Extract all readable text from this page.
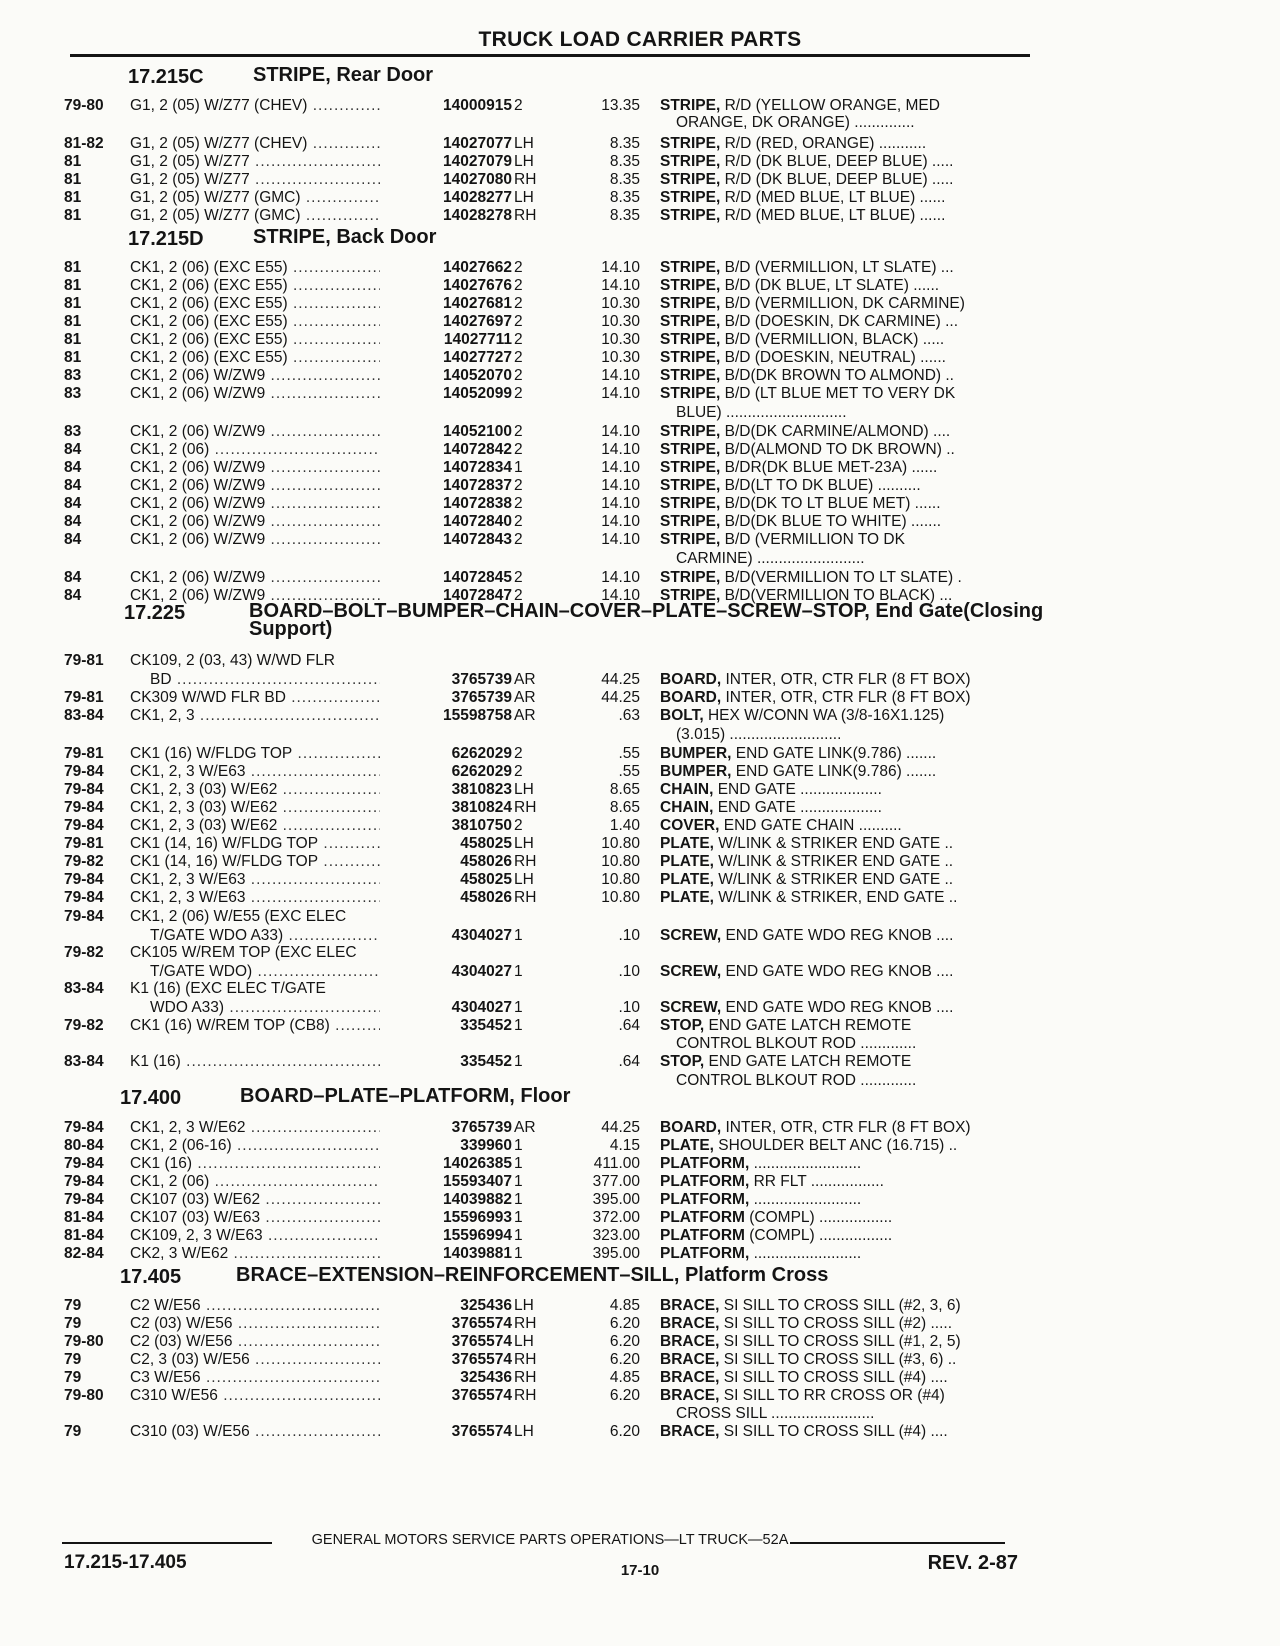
TRUCK LOAD CARRIER PARTS
17.215C STRIPE, Rear Door
79-80	G1, 2 (05) W/Z77 (CHEV) .....	14000915 2	13.35 STRIPE, R/D (YELLOW ORANGE, MED
ORANGE, DK ORANGE) ..............
81-82	G1, 2 (05) W/Z77 (CHEV) .....	14027077 LH	8.35 STRIPE, R/D (RED, ORANGE) ...........
81	G1, 2 (05) W/Z77 .....	14027079 LH	8.35 STRIPE, R/D (DK BLUE, DEEP BLUE) .....
81	G1, 2 (05) W/Z77 .....	14027080 RH	8.35 STRIPE, R/D (DK BLUE, DEEP BLUE) .....
81	G1, 2 (05) W/Z77 (GMC) .....	14028277 LH	8.35 STRIPE, R/D (MED BLUE, LT BLUE) ......
81	G1, 2 (05) W/Z77 (GMC) .....	14028278 RH	8.35 STRIPE, R/D (MED BLUE, LT BLUE) ......
17.215D STRIPE, Back Door
81	CK1, 2 (06) (EXC E55) .....	14027662 2	14.10 STRIPE, B/D (VERMILLION, LT SLATE) ...
81	CK1, 2 (06) (EXC E55) .....	14027676 2	14.10 STRIPE, B/D (DK BLUE, LT SLATE) ......
81	CK1, 2 (06) (EXC E55) .....	14027681 2	10.30 STRIPE, B/D (VERMILLION, DK CARMINE)
81	CK1, 2 (06) (EXC E55) .....	14027697 2	10.30 STRIPE, B/D (DOESKIN, DK CARMINE) ...
81	CK1, 2 (06) (EXC E55) .....	14027711 2	10.30 STRIPE, B/D (VERMILLION, BLACK) .....
81	CK1, 2 (06) (EXC E55) .....	14027727 2	10.30 STRIPE, B/D (DOESKIN, NEUTRAL) ......
83	CK1, 2 (06) W/ZW9 .....	14052070 2	14.10 STRIPE, B/D(DK BROWN TO ALMOND) ..
83	CK1, 2 (06) W/ZW9 .....	14052099 2	14.10 STRIPE, B/D (LT BLUE MET TO VERY DK
BLUE) ............................
83	CK1, 2 (06) W/ZW9 .....	14052100 2	14.10 STRIPE, B/D(DK CARMINE/ALMOND) ....
84	CK1, 2 (06) .....	14072842 2	14.10 STRIPE, B/D(ALMOND TO DK BROWN) ..
84	CK1, 2 (06) W/ZW9 .....	14072834 1	14.10 STRIPE, B/DR(DK BLUE MET-23A) ......
84	CK1, 2 (06) W/ZW9 .....	14072837 2	14.10 STRIPE, B/D(LT TO DK BLUE) ..........
84	CK1, 2 (06) W/ZW9 .....	14072838 2	14.10 STRIPE, B/D(DK TO LT BLUE MET) ......
84	CK1, 2 (06) W/ZW9 .....	14072840 2	14.10 STRIPE, B/D(DK BLUE TO WHITE) .......
84	CK1, 2 (06) W/ZW9 .....	14072843 2	14.10 STRIPE, B/D (VERMILLION TO DK
CARMINE) .........................
84	CK1, 2 (06) W/ZW9 .....	14072845 2	14.10 STRIPE, B/D(VERMILLION TO LT SLATE) .
84	CK1, 2 (06) W/ZW9 .....	14072847 2	14.10 STRIPE, B/D(VERMILLION TO BLACK) ...
17.225	BOARD–BOLT–BUMPER–CHAIN–COVER–PLATE–SCREW–STOP, End Gate(Closing Support)
79-81	CK109, 2 (03, 43) W/WD FLR
BD .....	3765739 AR	44.25 BOARD, INTER, OTR, CTR FLR (8 FT BOX)
79-81	CK309 W/WD FLR BD .....	3765739 AR	44.25 BOARD, INTER, OTR, CTR FLR (8 FT BOX)
83-84	CK1, 2, 3 .....	15598758 AR	.63 BOLT, HEX W/CONN WA (3/8-16X1.125)
(3.015) ..........................
79-81	CK1 (16) W/FLDG TOP .....	6262029 2	.55 BUMPER, END GATE LINK(9.786) .......
79-84	CK1, 2, 3 W/E63 .....	6262029 2	.55 BUMPER, END GATE LINK(9.786) .......
79-84	CK1, 2, 3 (03) W/E62 .....	3810823 LH	8.65 CHAIN, END GATE ...................
79-84	CK1, 2, 3 (03) W/E62 .....	3810824 RH	8.65 CHAIN, END GATE ...................
79-84	CK1, 2, 3 (03) W/E62 .....	3810750 2	1.40 COVER, END GATE CHAIN ..........
79-81	CK1 (14, 16) W/FLDG TOP .....	458025 LH	10.80 PLATE, W/LINK & STRIKER END GATE ..
79-82	CK1 (14, 16) W/FLDG TOP .....	458026 RH	10.80 PLATE, W/LINK & STRIKER END GATE ..
79-84	CK1, 2, 3 W/E63 .....	458025 LH	10.80 PLATE, W/LINK & STRIKER END GATE ..
79-84	CK1, 2, 3 W/E63 .....	458026 RH	10.80 PLATE, W/LINK & STRIKER, END GATE ..
79-84	CK1, 2 (06) W/E55 (EXC ELEC
T/GATE WDO A33) .....	4304027 1	.10 SCREW, END GATE WDO REG KNOB ....
79-82	CK105 W/REM TOP (EXC ELEC
T/GATE WDO) .....	4304027 1	.10 SCREW, END GATE WDO REG KNOB ....
83-84	K1 (16) (EXC ELEC T/GATE
WDO A33) .....	4304027 1	.10 SCREW, END GATE WDO REG KNOB ....
79-82	CK1 (16) W/REM TOP (CB8) .....	335452 1	.64 STOP, END GATE LATCH REMOTE
CONTROL BLKOUT ROD .............
83-84	K1 (16) .....	335452 1	.64 STOP, END GATE LATCH REMOTE
CONTROL BLKOUT ROD .............
17.400	BOARD–PLATE–PLATFORM, Floor
79-84	CK1, 2, 3 W/E62 .....	3765739 AR	44.25 BOARD, INTER, OTR, CTR FLR (8 FT BOX)
80-84	CK1, 2 (06-16) .....	339960 1	4.15 PLATE, SHOULDER BELT ANC (16.715) ..
79-84	CK1 (16) .....	14026385 1	411.00 PLATFORM, .........................
79-84	CK1, 2 (06) .....	15593407 1	377.00 PLATFORM, RR FLT .................
79-84	CK107 (03) W/E62 .....	14039882 1	395.00 PLATFORM, .........................
81-84	CK107 (03) W/E63 .....	15596993 1	372.00 PLATFORM (COMPL) .................
81-84	CK109, 2, 3 W/E63 .....	15596994 1	323.00 PLATFORM (COMPL) .................
82-84	CK2, 3 W/E62 .....	14039881 1	395.00 PLATFORM, .........................
17.405	BRACE–EXTENSION–REINFORCEMENT–SILL, Platform Cross
79	C2 W/E56 .....	325436 LH	4.85 BRACE, SI SILL TO CROSS SILL (#2, 3, 6)
79	C2 (03) W/E56 .....	3765574 RH	6.20 BRACE, SI SILL TO CROSS SILL (#2) .....
79-80	C2 (03) W/E56 .....	3765574 LH	6.20 BRACE, SI SILL TO CROSS SILL (#1, 2, 5)
79	C2, 3 (03) W/E56 .....	3765574 RH	6.20 BRACE, SI SILL TO CROSS SILL (#3, 6) ..
79	C3 W/E56 .....	325436 RH	4.85 BRACE, SI SILL TO CROSS SILL (#4) ....
79-80	C310 W/E56 .....	3765574 RH	6.20 BRACE, SI SILL TO RR CROSS OR (#4)
CROSS SILL ........................
79	C310 (03) W/E56 .....	3765574 LH	6.20 BRACE, SI SILL TO CROSS SILL (#4) ....
GENERAL MOTORS SERVICE PARTS OPERATIONS—LT TRUCK—52A
17.215-17.405	17-10	REV. 2-87
